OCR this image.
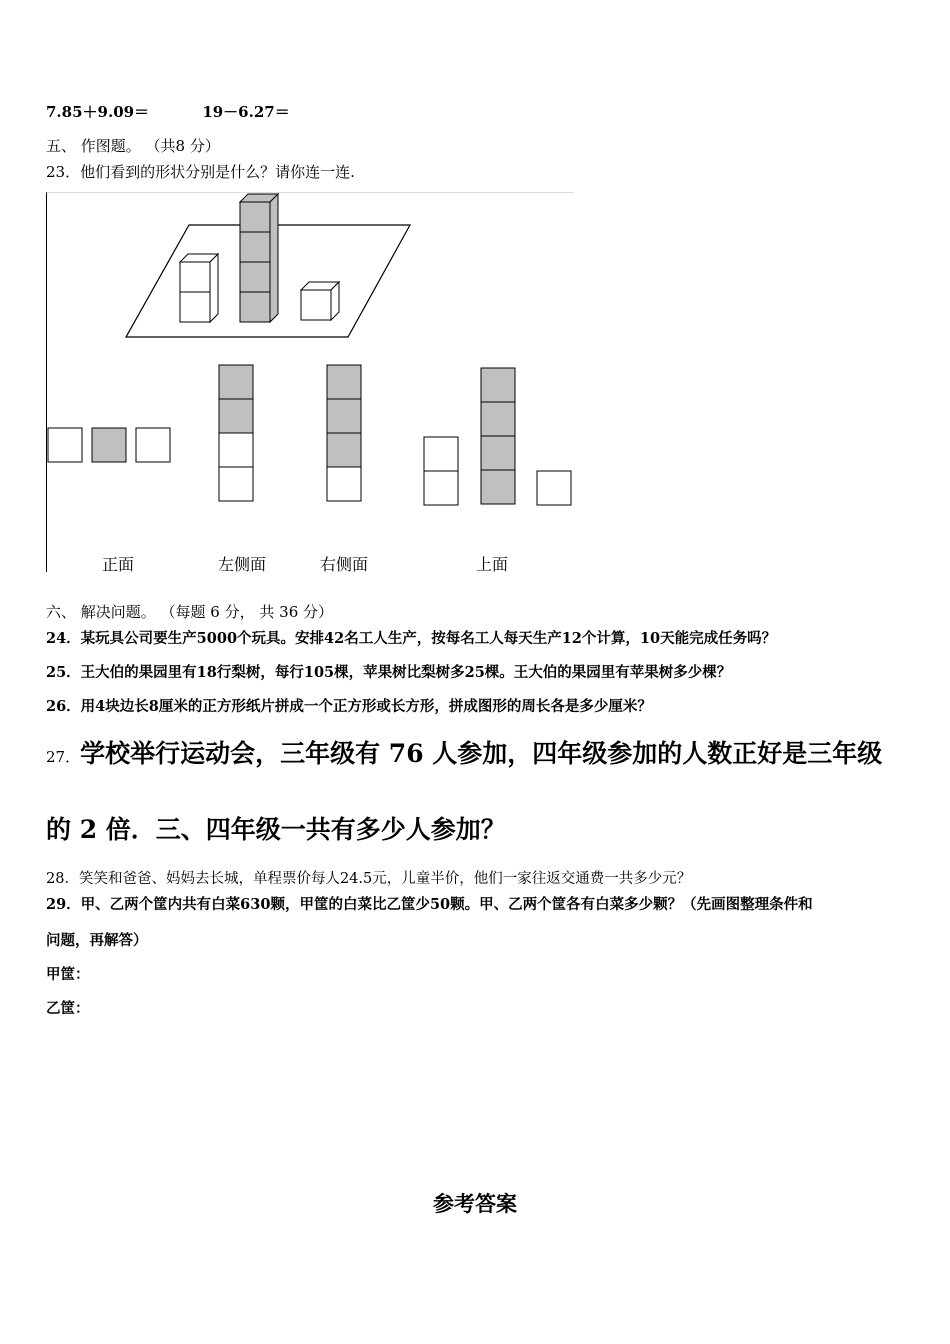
7.85＋9.09＝	19－6.27＝
五、 作图题。 （共8 分）
23．他们看到的形状分别是什么？请你连一连.
正面	左侧面	右侧面	上面
六、 解决问题。 （每题 6 分， 共 36 分）
24．某玩具公司要生产5000个玩具。安排42名工人生产，按每名工人每天生产12个计算，10天能完成任务吗？
25．王大伯的果园里有18行梨树，每行105棵，苹果树比梨树多25棵。王大伯的果园里有苹果树多少棵？
26．用4块边长8厘米的正方形纸片拼成一个正方形或长方形，拼成图形的周长各是多少厘米？
27．学校举行运动会，三年级有 76 人参加，四年级参加的人数正好是三年级
的 2 倍．三、四年级一共有多少人参加？
28．笑笑和爸爸、妈妈去长城，单程票价每人24.5元，儿童半价，他们一家往返交通费一共多少元？
29．甲、乙两个筐内共有白菜630颗，甲筐的白菜比乙筐少50颗。甲、乙两个筐各有白菜多少颗？（先画图整理条件和
问题，再解答）
甲筐：
乙筐：
参考答案
